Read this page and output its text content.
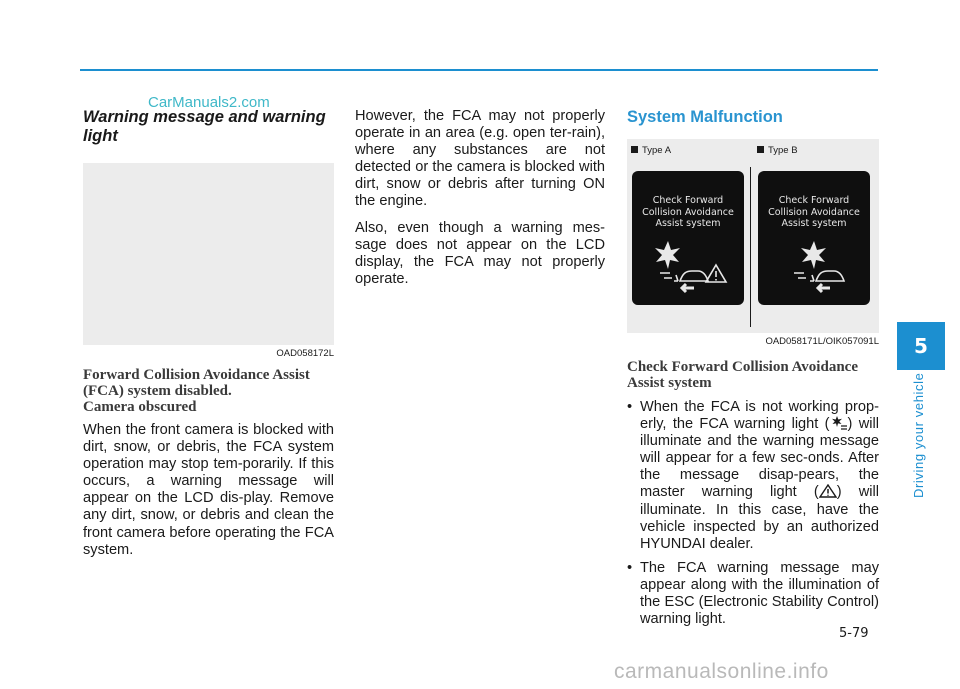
CarManuals2.com
Warning message and warning light
OAD058172L

Forward Collision Avoidance Assist (FCA) system disabled.

Camera obscured

When the front camera is blocked with dirt, snow, or debris, the FCA system operation may stop tem-porarily. If this occurs, a warning message will appear on the LCD dis-play. Remove any dirt, snow, or debris and clean the front camera before operating the FCA system.

However, the FCA may not properly operate in an area (e.g. open ter-rain), where any substances are not detected or the camera is blocked with dirt, snow or debris after turning ON the engine.

Also, even though a warning mes-sage does not appear on the LCD display, the FCA may not properly operate.

System Malfunction
Type A	Type B
Check Forward
Collision Avoidance
Assist system
Check Forward
Collision Avoidance
Assist system
OAD058171L/OIK057091L

Check Forward Collision Avoidance Assist system

• When the FCA is not working prop-erly, the FCA warning light ( ) will illuminate and the warning message will appear for a few sec-onds. After the message disap-pears, the master warning light ( ) will illuminate. In this case, have the vehicle inspected by an authorized HYUNDAI dealer.
• The FCA warning message may appear along with the illumination of the ESC (Electronic Stability Control) warning light.
5
Driving your vehicle
5-79
carmanualsonline.info
